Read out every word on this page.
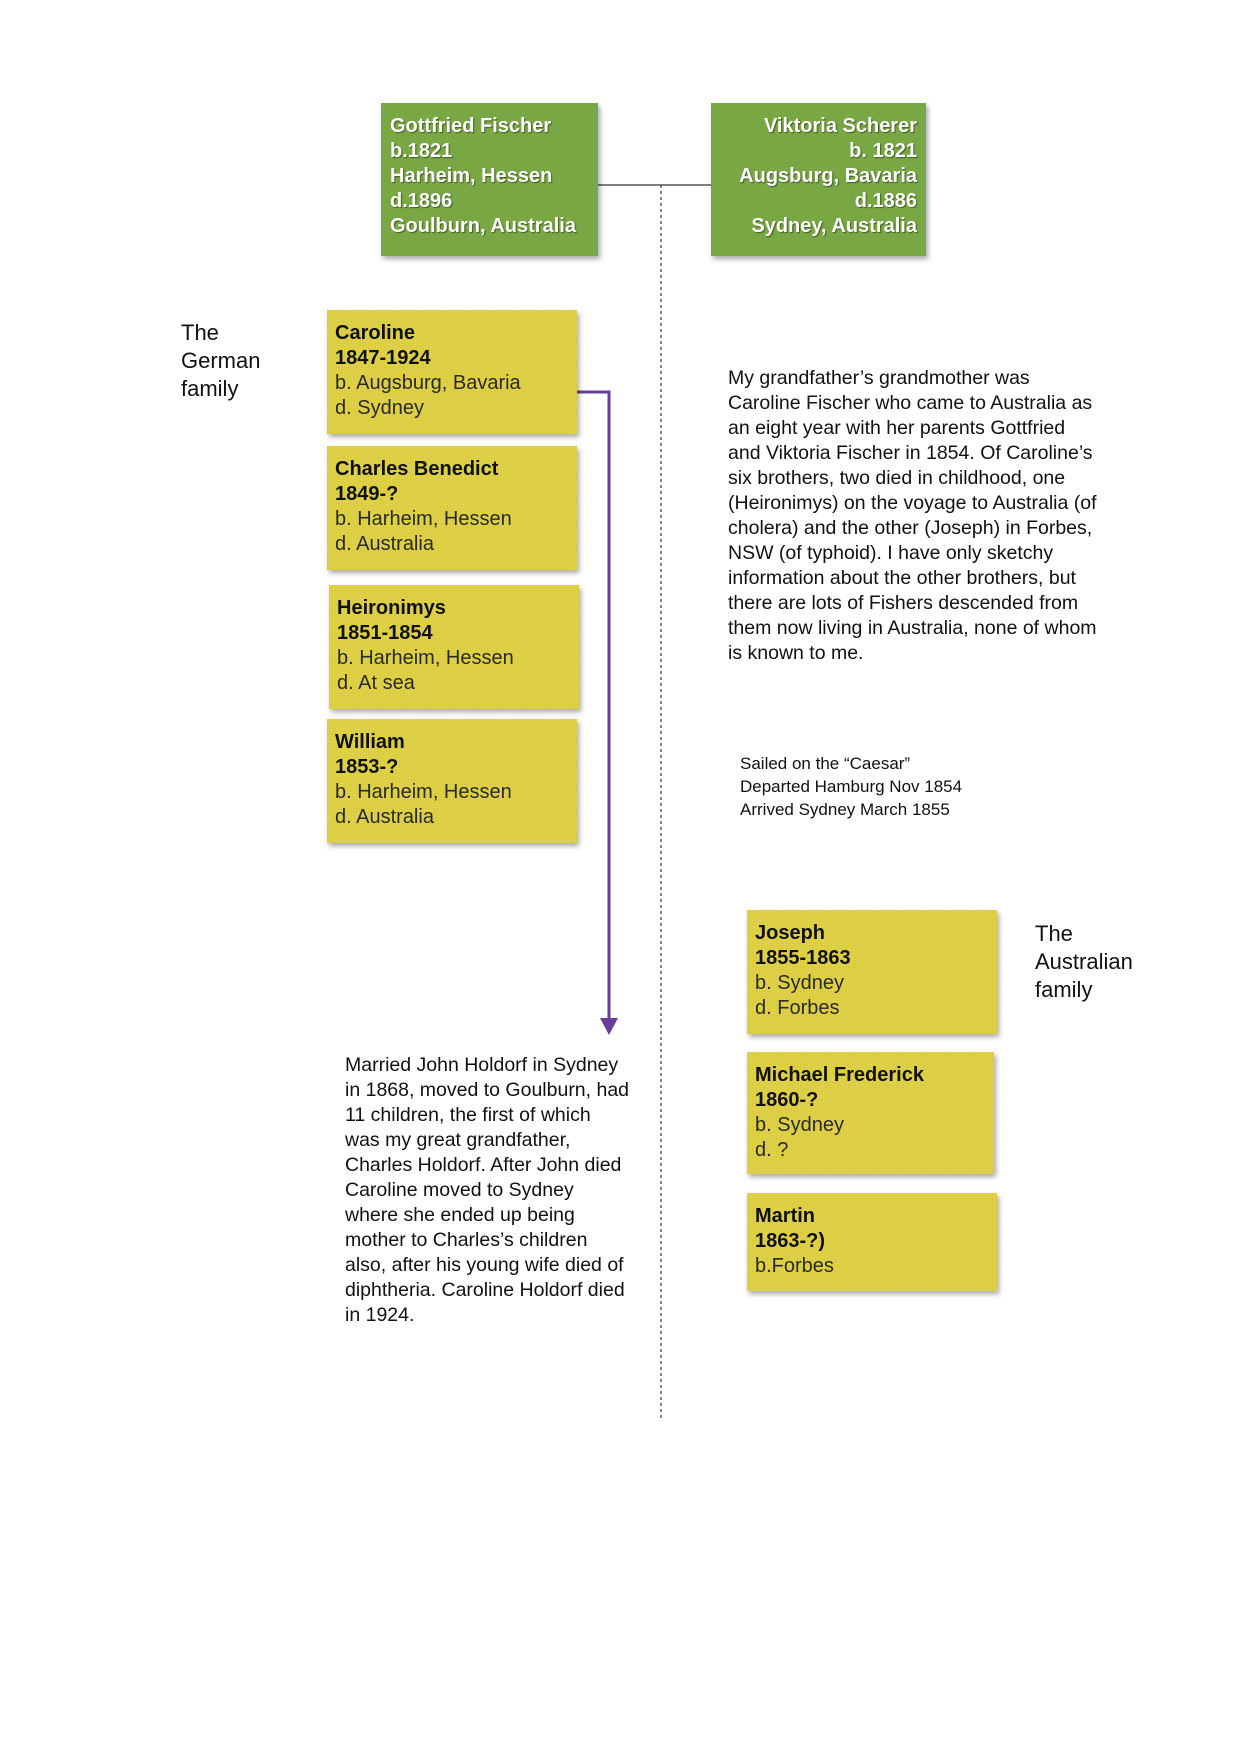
Gottfried Fischer
b.1821
Harheim, Hessen
d.1896
Goulburn, Australia
Viktoria Scherer
b. 1821
Augsburg, Bavaria
d.1886
Sydney, Australia
The
German
family
Caroline
1847-1924
b. Augsburg, Bavaria
d. Sydney
Charles Benedict
1849-?
b. Harheim, Hessen
d. Australia
Heironimys
1851-1854
b. Harheim, Hessen
d. At sea
William
1853-?
b. Harheim, Hessen
d. Australia
My grandfather’s grandmother was Caroline Fischer who came to Australia as an eight year with her parents Gottfried and Viktoria Fischer in 1854. Of Caroline’s six brothers, two died in childhood, one (Heironimys) on the voyage to Australia (of cholera) and the other (Joseph) in Forbes, NSW (of typhoid). I have only sketchy information about the other brothers, but there are lots of Fishers descended from them now living in Australia, none of whom is known to me.
Sailed on the “Caesar”
Departed Hamburg Nov 1854
Arrived Sydney March 1855
Joseph
1855-1863
b. Sydney
d. Forbes
Michael Frederick
1860-?
b. Sydney
d. ?
Martin
1863-?)
b.Forbes
The
Australian
family
Married John Holdorf in Sydney in 1868, moved to Goulburn, had 11 children, the first of which was my great grandfather, Charles Holdorf. After John died Caroline moved to Sydney where she ended up being mother to Charles’s children also, after his young wife died of diphtheria. Caroline Holdorf died in 1924.
